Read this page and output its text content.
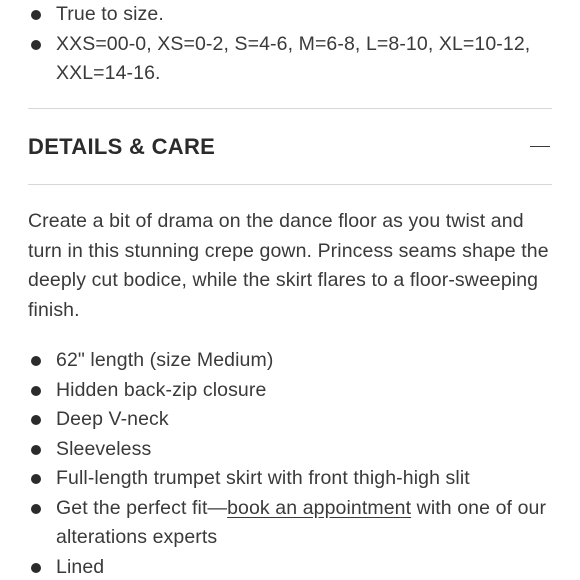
True to size.
XXS=00-0, XS=0-2, S=4-6, M=6-8, L=8-10, XL=10-12, XXL=14-16.
DETAILS & CARE

Create a bit of drama on the dance floor as you twist and turn in this stunning crepe gown. Princess seams shape the deeply cut bodice, while the skirt flares to a floor-sweeping finish.

62" length (size Medium)
Hidden back-zip closure
Deep V-neck
Sleeveless
Full-length trumpet skirt with front thigh-high slit
Get the perfect fit—book an appointment with one of our alterations experts
Lined
